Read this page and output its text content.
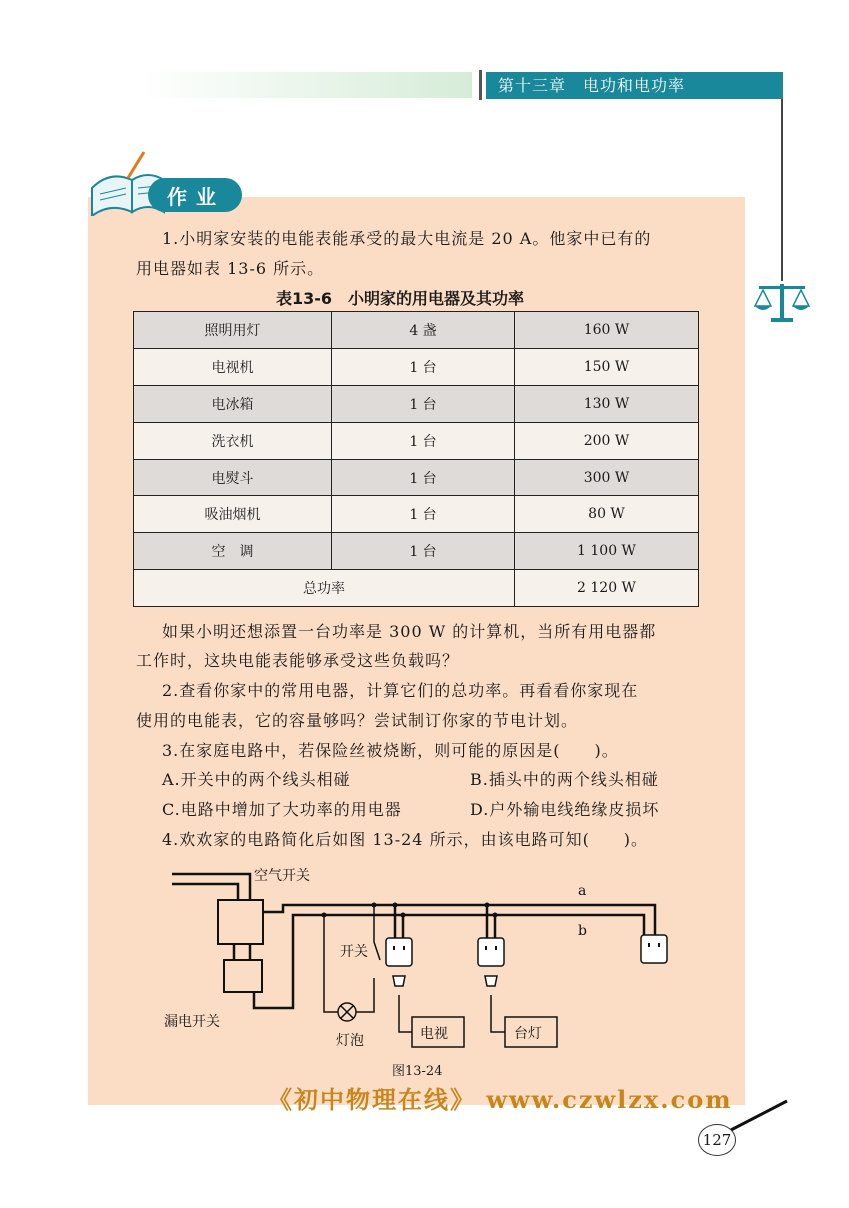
第十三章　电功和电功率
作业
1.小明家安装的电能表能承受的最大电流是 20 A。他家中已有的
用电器如表 13-6 所示。
表13-6　小明家的用电器及其功率
照明用灯	4 盏	160 W
电视机	1 台	150 W
电冰箱	1 台	130 W
洗衣机	1 台	200 W
电熨斗	1 台	300 W
吸油烟机	1 台	80 W
空　调	1 台	1 100 W
总功率		2 120 W
如果小明还想添置一台功率是 300 W 的计算机，当所有用电器都
工作时，这块电能表能够承受这些负载吗？
2.查看你家中的常用电器，计算它们的总功率。再看看你家现在
使用的电能表，它的容量够吗？尝试制订你家的节电计划。
3.在家庭电路中，若保险丝被烧断，则可能的原因是(　　)。
A.开关中的两个线头相碰	B.插头中的两个线头相碰
C.电路中增加了大功率的用电器	D.户外输电线绝缘皮损坏
4.欢欢家的电路简化后如图 13-24 所示，由该电路可知(　　)。
空气开关
漏电开关
开关
灯泡	电视	台灯
a
b
图13-24
《初中物理在线》 www.czwlzx.com
127
